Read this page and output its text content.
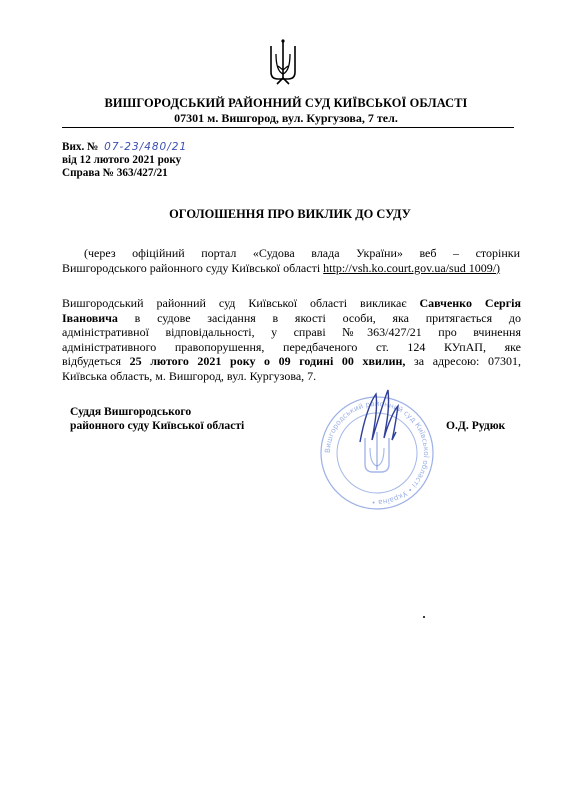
ВИШГОРОДСЬКИЙ РАЙОННИЙ СУД КИЇВСЬКОЇ ОБЛАСТІ
07301 м. Вишгород, вул. Кургузова, 7 тел.
Вих. № 07-23/480/21
від 12 лютого 2021 року
Справа № 363/427/21
ОГОЛОШЕННЯ ПРО ВИКЛИК ДО СУДУ
(через офіційний портал «Судова влада України» веб – сторінки
Вишгородського районного суду Київської області http://vsh.ko.court.gov.ua/sud 1009/)
Вишгородський районний суд Київської області викликає Савченко Сергія
Івановича в судове засідання в якості особи, яка притягається до
адміністративної відповідальності, у справі №363/427/21 про вчинення
адміністративного правопорушення, передбаченого ст. 124 КУпАП, яке
відбудеться 25 лютого 2021 року о 09 годині 00 хвилин, за адресою: 07301,
Київська область, м. Вишгород, вул. Кургузова, 7.
Суддя Вишгородського
районного суду Київської області
Вишгородський районний суд Київської області • Україна •
О.Д. Рудюк
